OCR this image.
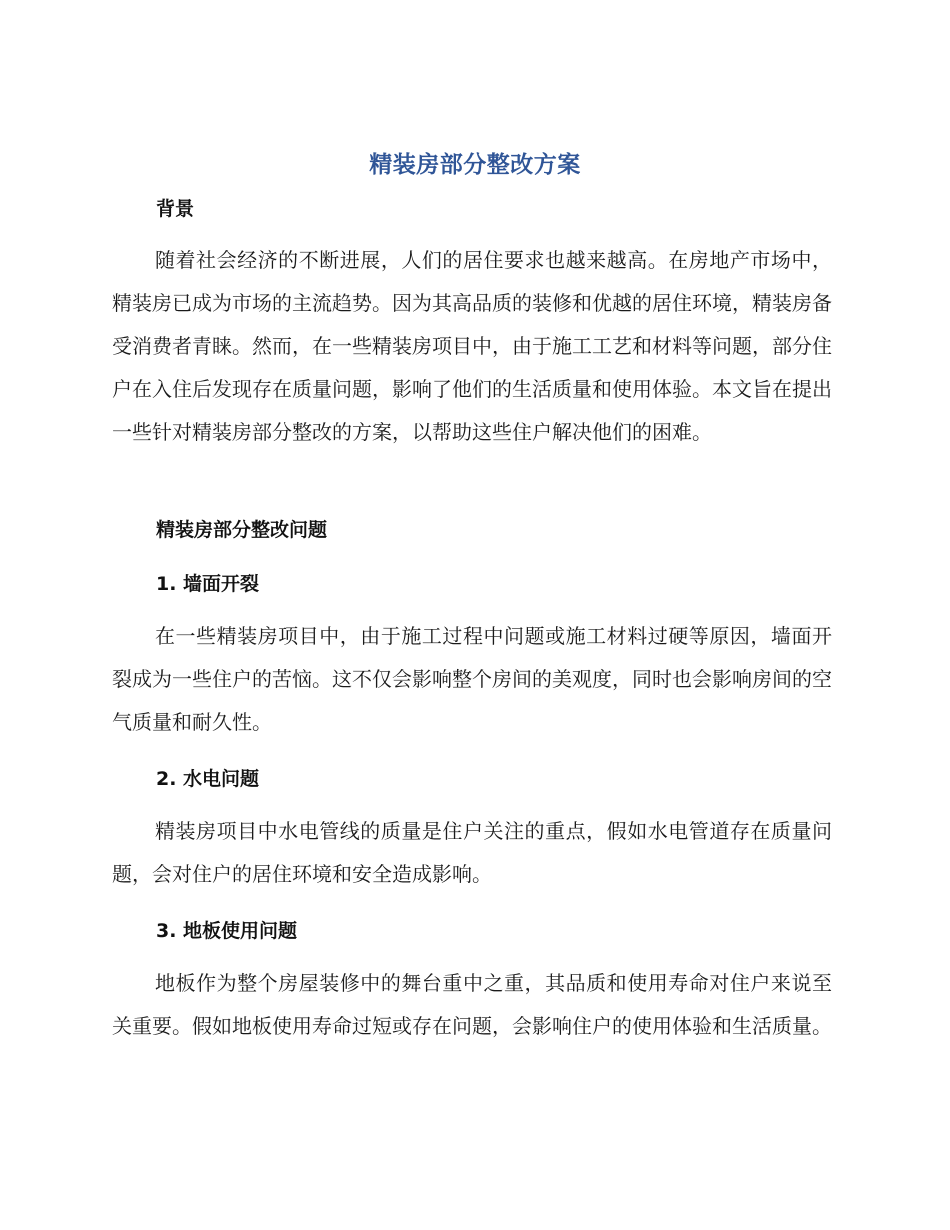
精装房部分整改方案
背景

随着社会经济的不断进展，人们的居住要求也越来越高。在房地产市场中，精装房已成为市场的主流趋势。因为其高品质的装修和优越的居住环境，精装房备受消费者青睐。然而，在一些精装房项目中，由于施工工艺和材料等问题，部分住户在入住后发现存在质量问题，影响了他们的生活质量和使用体验。本文旨在提出一些针对精装房部分整改的方案，以帮助这些住户解决他们的困难。

精装房部分整改问题
1. 墙面开裂

在一些精装房项目中，由于施工过程中问题或施工材料过硬等原因，墙面开裂成为一些住户的苦恼。这不仅会影响整个房间的美观度，同时也会影响房间的空气质量和耐久性。

2. 水电问题

精装房项目中水电管线的质量是住户关注的重点，假如水电管道存在质量问题，会对住户的居住环境和安全造成影响。

3. 地板使用问题

地板作为整个房屋装修中的舞台重中之重，其品质和使用寿命对住户来说至关重要。假如地板使用寿命过短或存在问题，会影响住户的使用体验和生活质量。
